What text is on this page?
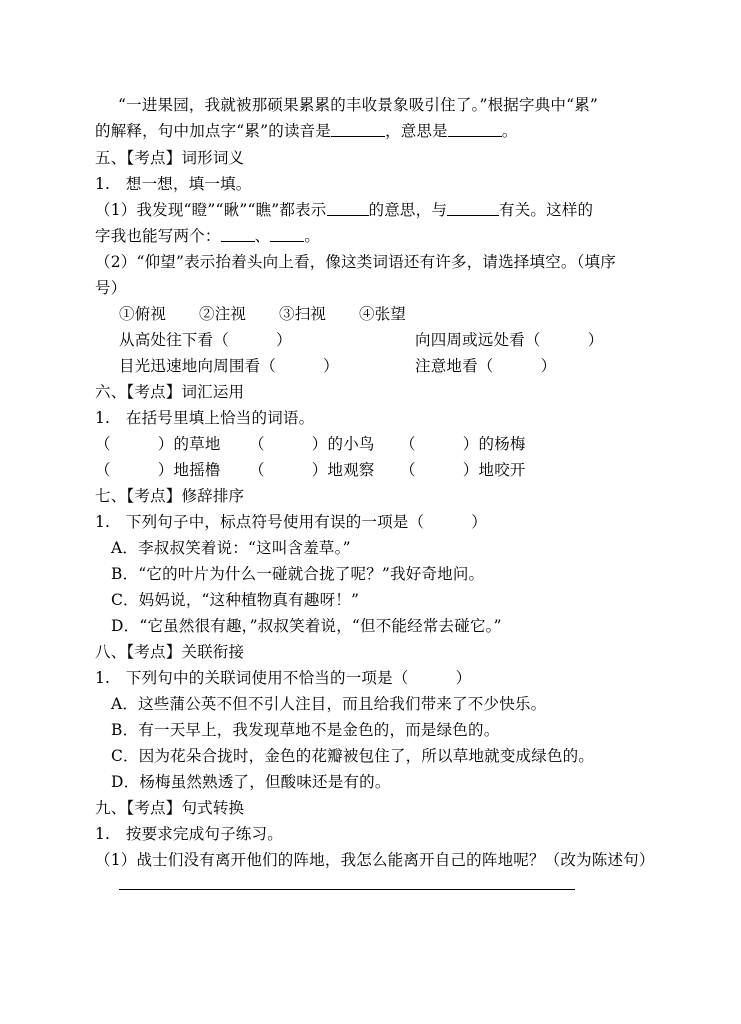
“一进果园，我就被那硕果累累的丰收景象吸引住了。”根据字典中“累”
的解释，句中加点字“累”的读音是	，意思是	。
五、【考点】词形词义
1.　想一想，填一填。
（1）我发现“瞪”“瞅”“瞧”都表示	的意思，与	有关。这样的
字我也能写两个： 、 。
（2）“仰望”表示抬着头向上看，像这类词语还有许多，请选择填空。（填序
号）
①俯视 ②注视 ③扫视 ④张望
从高处往下看（　　　）	向四周或远处看（　　　）
目光迅速地向周围看（　　　）	注意地看（　　　）
六、【考点】词汇运用
1.　在括号里填上恰当的词语。
（　　　）的草地 （　　　）的小鸟 （　　　）的杨梅
（　　　）地摇橹 （　　　）地观察 （　　　）地咬开
七、【考点】修辞排序
1.　下列句子中，标点符号使用有误的一项是（　　　）
A．李叔叔笑着说：“这叫含羞草。”
B．“它的叶片为什么一碰就合拢了呢？”我好奇地问。
C．妈妈说，“这种植物真有趣呀！”
D．“它虽然很有趣，”叔叔笑着说，“但不能经常去碰它。”
八、【考点】关联衔接
1.　下列句中的关联词使用不恰当的一项是（　　　）
A．这些蒲公英不但不引人注目，而且给我们带来了不少快乐。
B．有一天早上，我发现草地不是金色的，而是绿色的。
C．因为花朵合拢时，金色的花瓣被包住了，所以草地就变成绿色的。
D．杨梅虽然熟透了，但酸味还是有的。
九、【考点】句式转换
1.　按要求完成句子练习。
（1）战士们没有离开他们的阵地，我怎么能离开自己的阵地呢？（改为陈述句）
